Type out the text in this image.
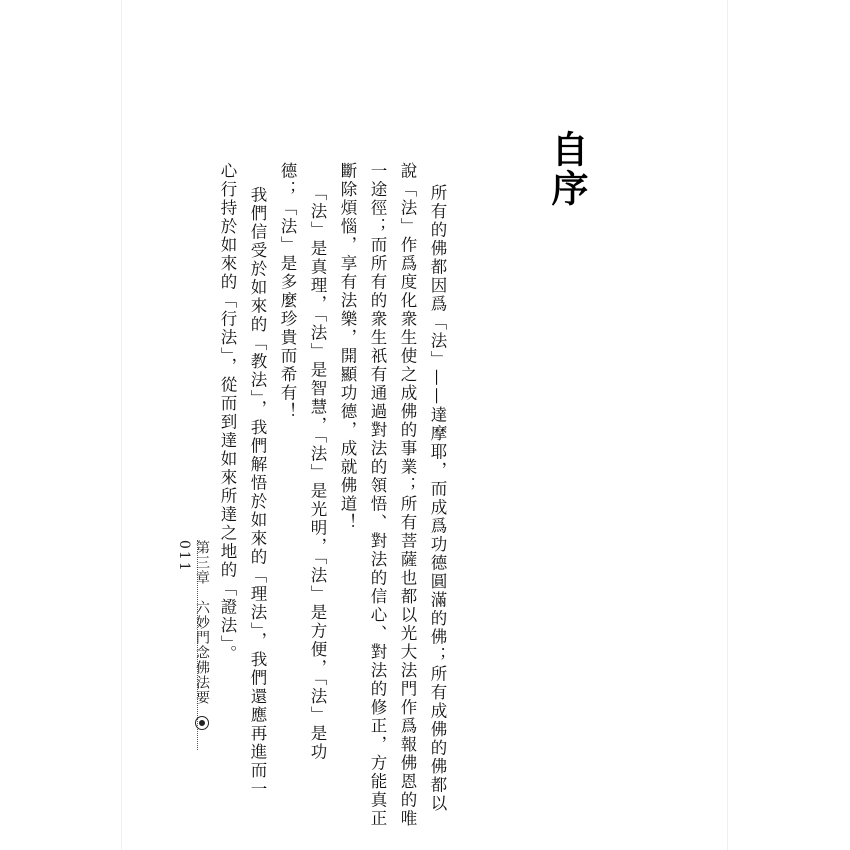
自序
所有的佛都因爲「法」——達摩耶，而成爲功德圓滿的佛；所有成佛的佛都以
說「法」作爲度化衆生使之成佛的事業；所有菩薩也都以光大法門作爲報佛恩的唯
一途徑；而所有的衆生祇有通過對法的領悟、對法的信心、對法的修正，方能真正
斷除煩惱，享有法樂，開顯功德，成就佛道！
「法」是真理，「法」是智慧，「法」是光明，「法」是方便，「法」是功
德；「法」是多麼珍貴而希有！
我們信受於如來的「教法」，我們解悟於如來的「理法」，我們還應再進而一
心行持於如來的「行法」，從而到達如來所達之地的「證法」。
第三章　六妙門念佛法要  011
